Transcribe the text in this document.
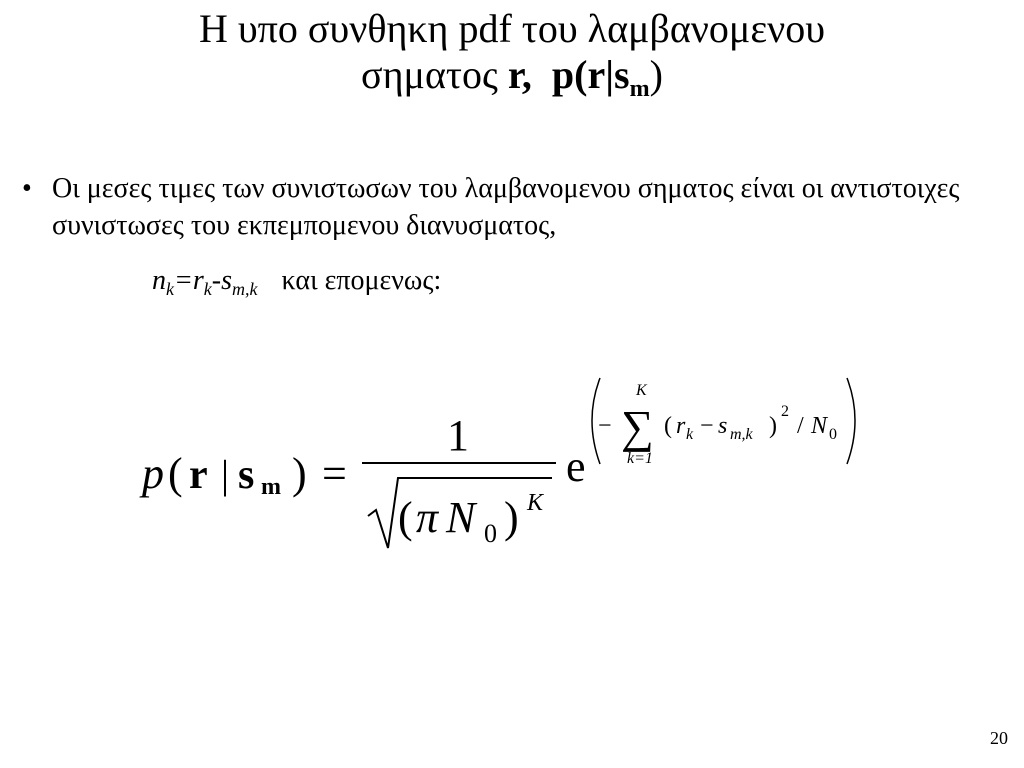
Η υπο συνθηκη pdf του λαμβανομενου
σηματος r, $p(r|s_m)$
• Οι μεσες τιμες των συνιστωσων του λαμβανομενου σηματος είναι οι αντιστοιχες συνιστωσες του εκπεμπομενου διανυσματος,
$n_k=r_k-s_{m,k}$ και επομενως:
p ( r | s m ) =
1
( π N 0 ) K
e
−
K
∑
k=1
( r k − s m,k )
2
/ N 0
20
